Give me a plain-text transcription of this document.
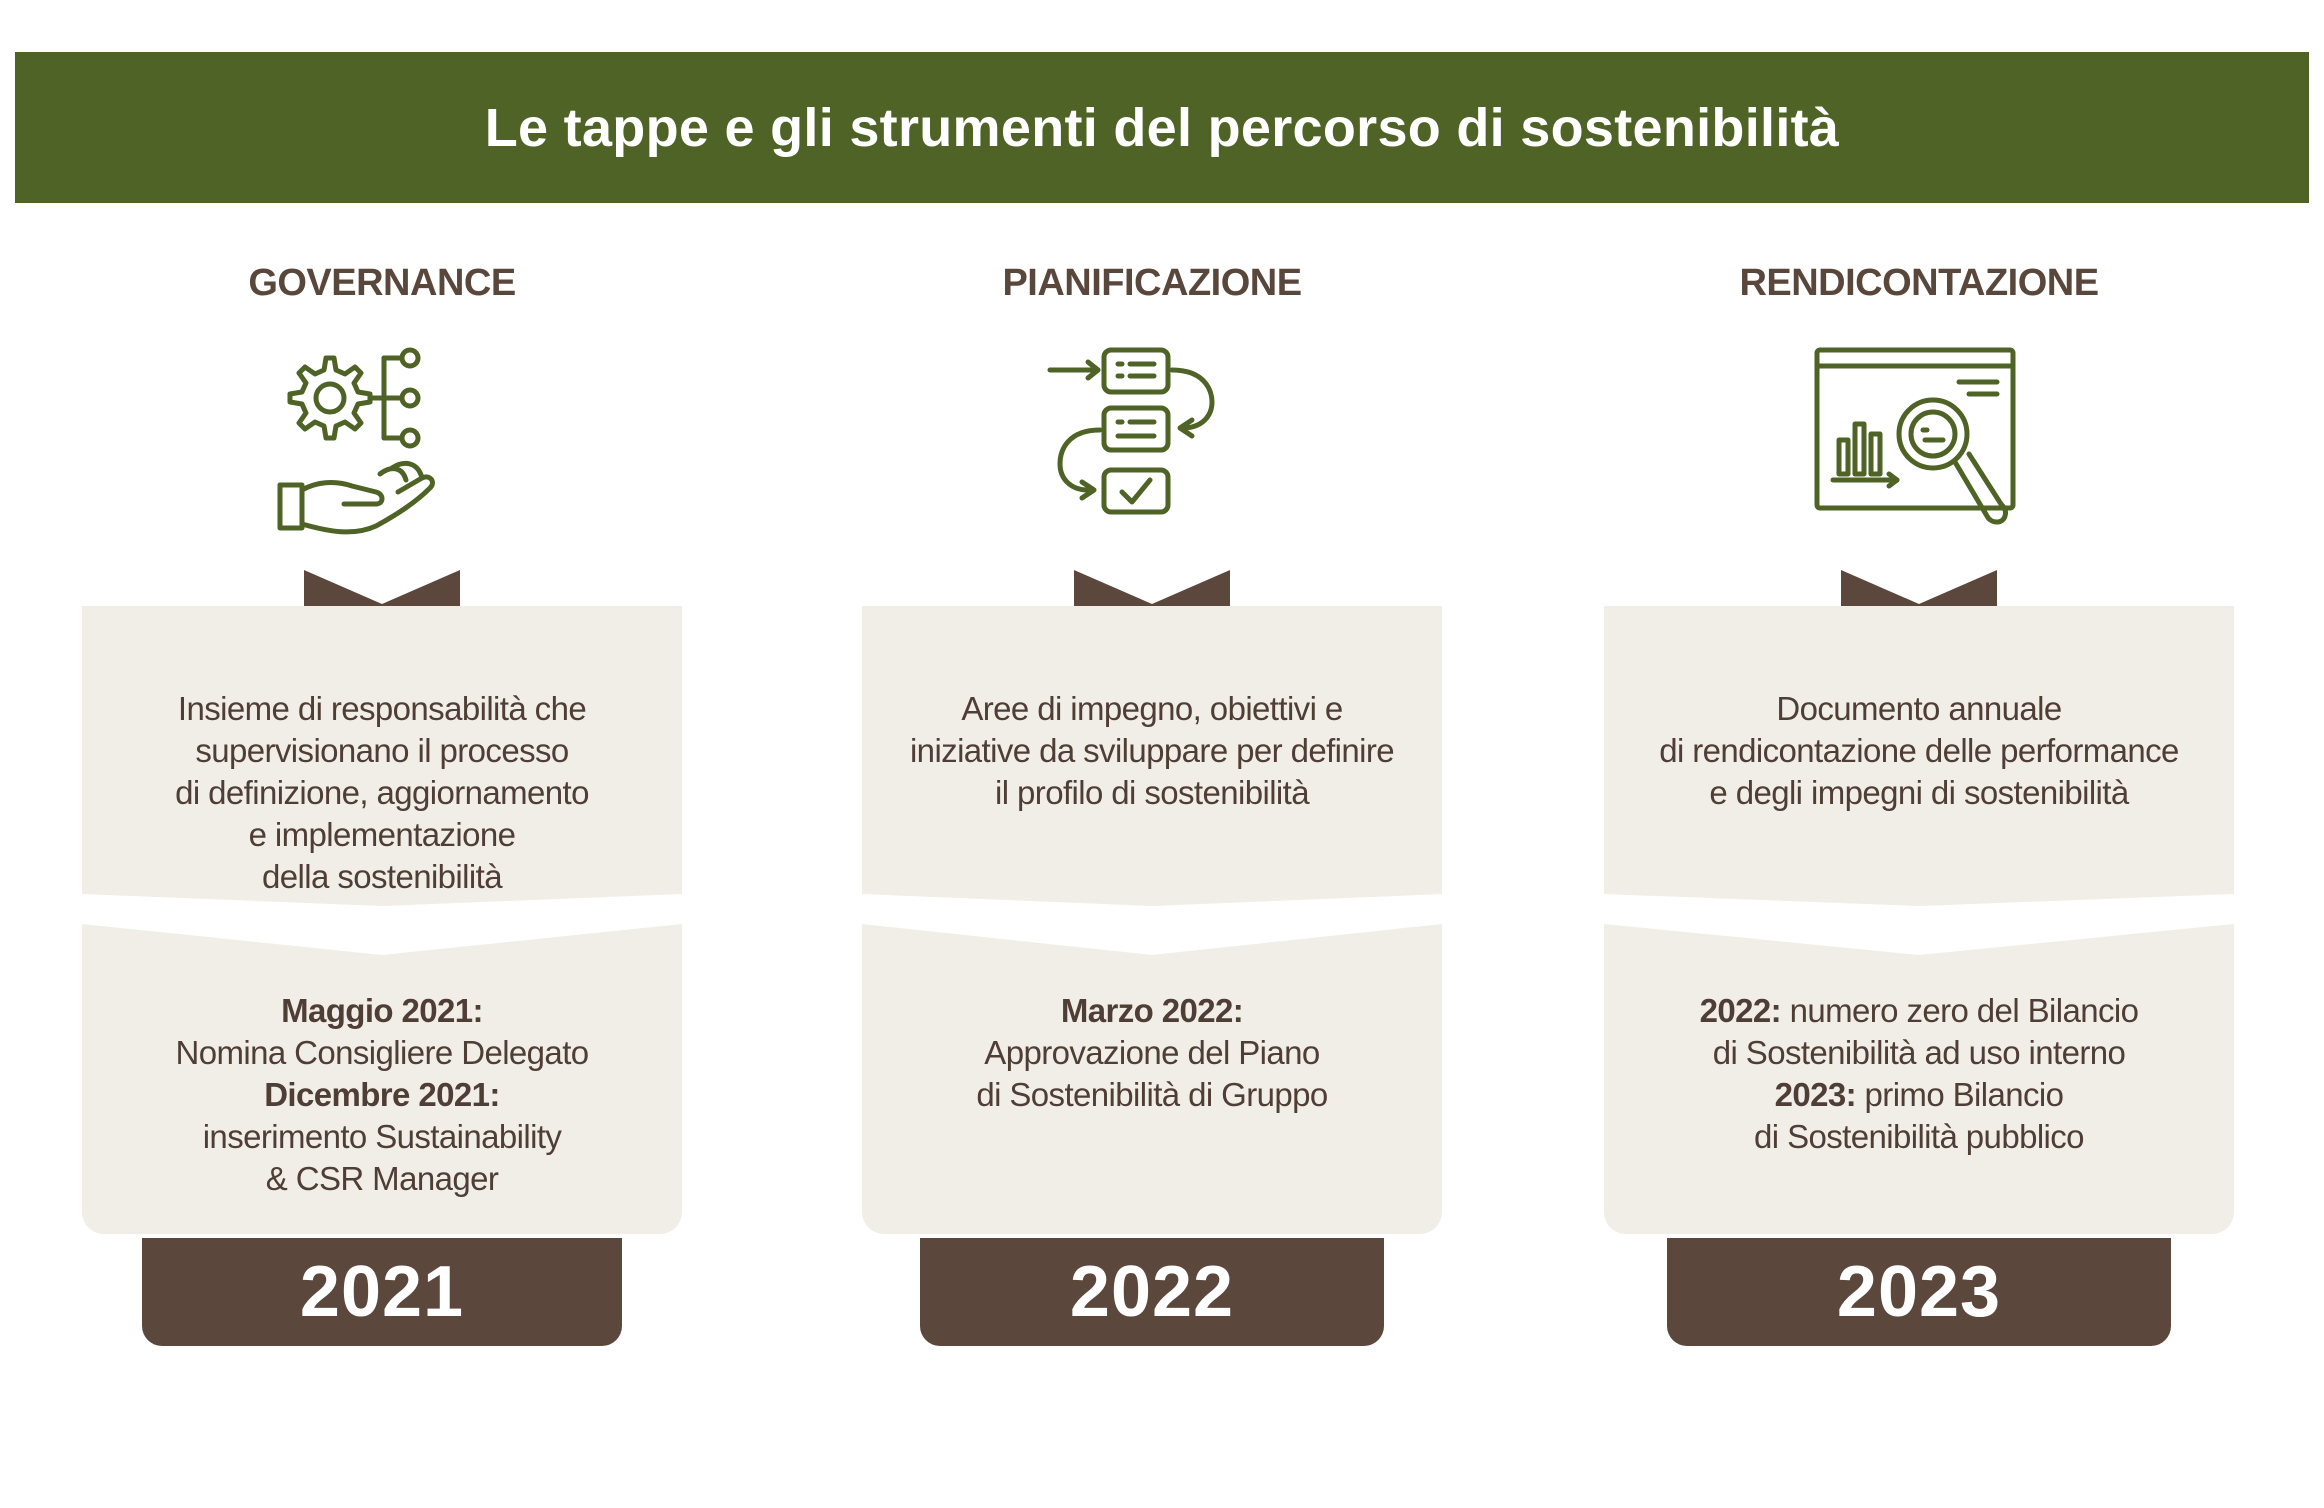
Le tappe e gli strumenti del percorso di sostenibilità
GOVERNANCE
Insieme di responsabilità che
supervisionano il processo
di definizione, aggiornamento
e implementazione
della sostenibilità
Maggio 2021:
Nomina Consigliere Delegato
Dicembre 2021:
inserimento Sustainability
& CSR Manager
2021
PIANIFICAZIONE
Aree di impegno, obiettivi e
iniziative da sviluppare per definire
il profilo di sostenibilità
Marzo 2022:
Approvazione del Piano
di Sostenibilità di Gruppo
2022
RENDICONTAZIONE
Documento annuale
di rendicontazione delle performance
e degli impegni di sostenibilità
2022: numero zero del Bilancio
di Sostenibilità ad uso interno
2023: primo Bilancio
di Sostenibilità pubblico
2023
